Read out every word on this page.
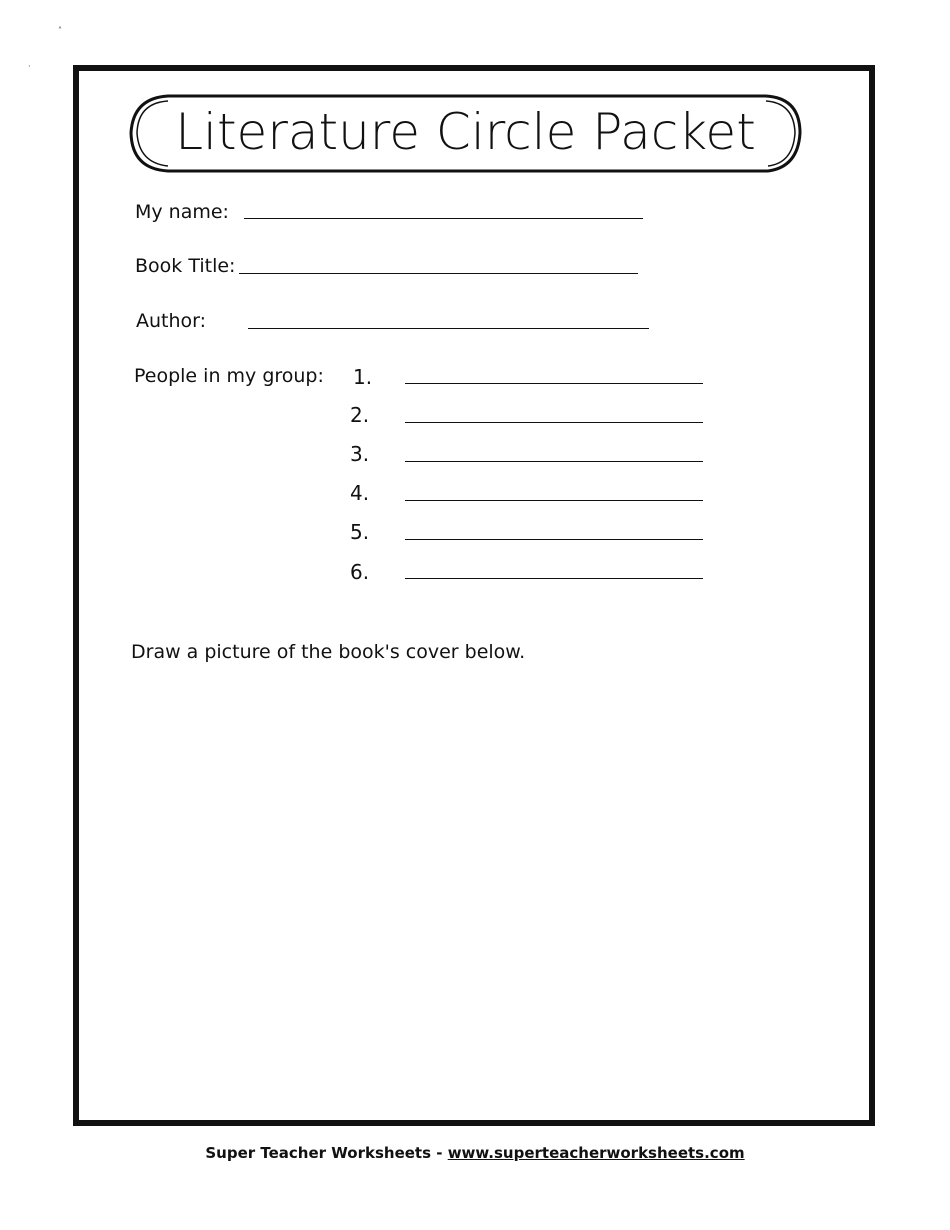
˄
·
Literature Circle Packet
My name:
Book Title:
Author:
People in my group: 1.
2.
3.
4.
5.
6.
Draw a picture of the book's cover below.
Super Teacher Worksheets - www.superteacherworksheets.com
